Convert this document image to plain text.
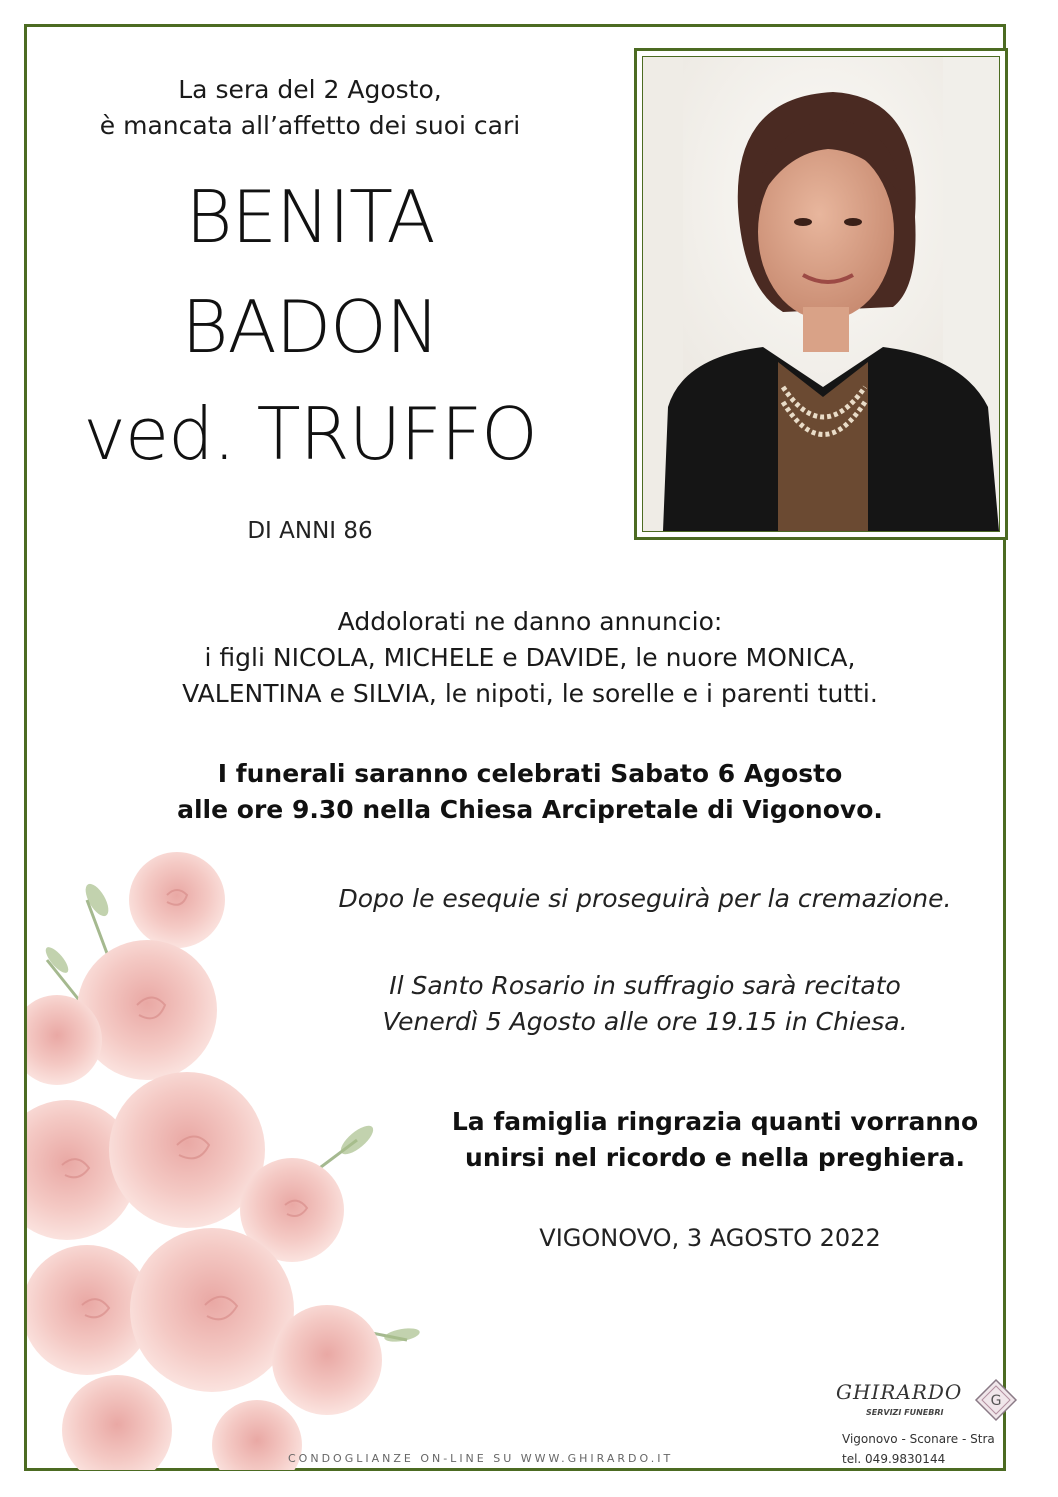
La sera del 2 Agosto,
è mancata all’affetto dei suoi cari
BENITA
BADON
ved. TRUFFO
DI ANNI 86
Addolorati ne danno annuncio:
i figli NICOLA, MICHELE e DAVIDE, le nuore MONICA,
VALENTINA e SILVIA, le nipoti, le sorelle e i parenti tutti.
I funerali saranno celebrati Sabato 6 Agosto
alle ore 9.30 nella Chiesa Arcipretale di Vigonovo.
Dopo le esequie si proseguirà per la cremazione.
Il Santo Rosario in suffragio sarà recitato
Venerdì 5 Agosto alle ore 19.15 in Chiesa.
La famiglia ringrazia quanti vorranno
unirsi nel ricordo e nella preghiera.
VIGONOVO, 3 AGOSTO 2022
CONDOGLIANZE ON-LINE SU WWW.GHIRARDO.IT
GHIRARDO
SERVIZI FUNEBRI
G
Vigonovo - Sconare - Stra
tel. 049.9830144
